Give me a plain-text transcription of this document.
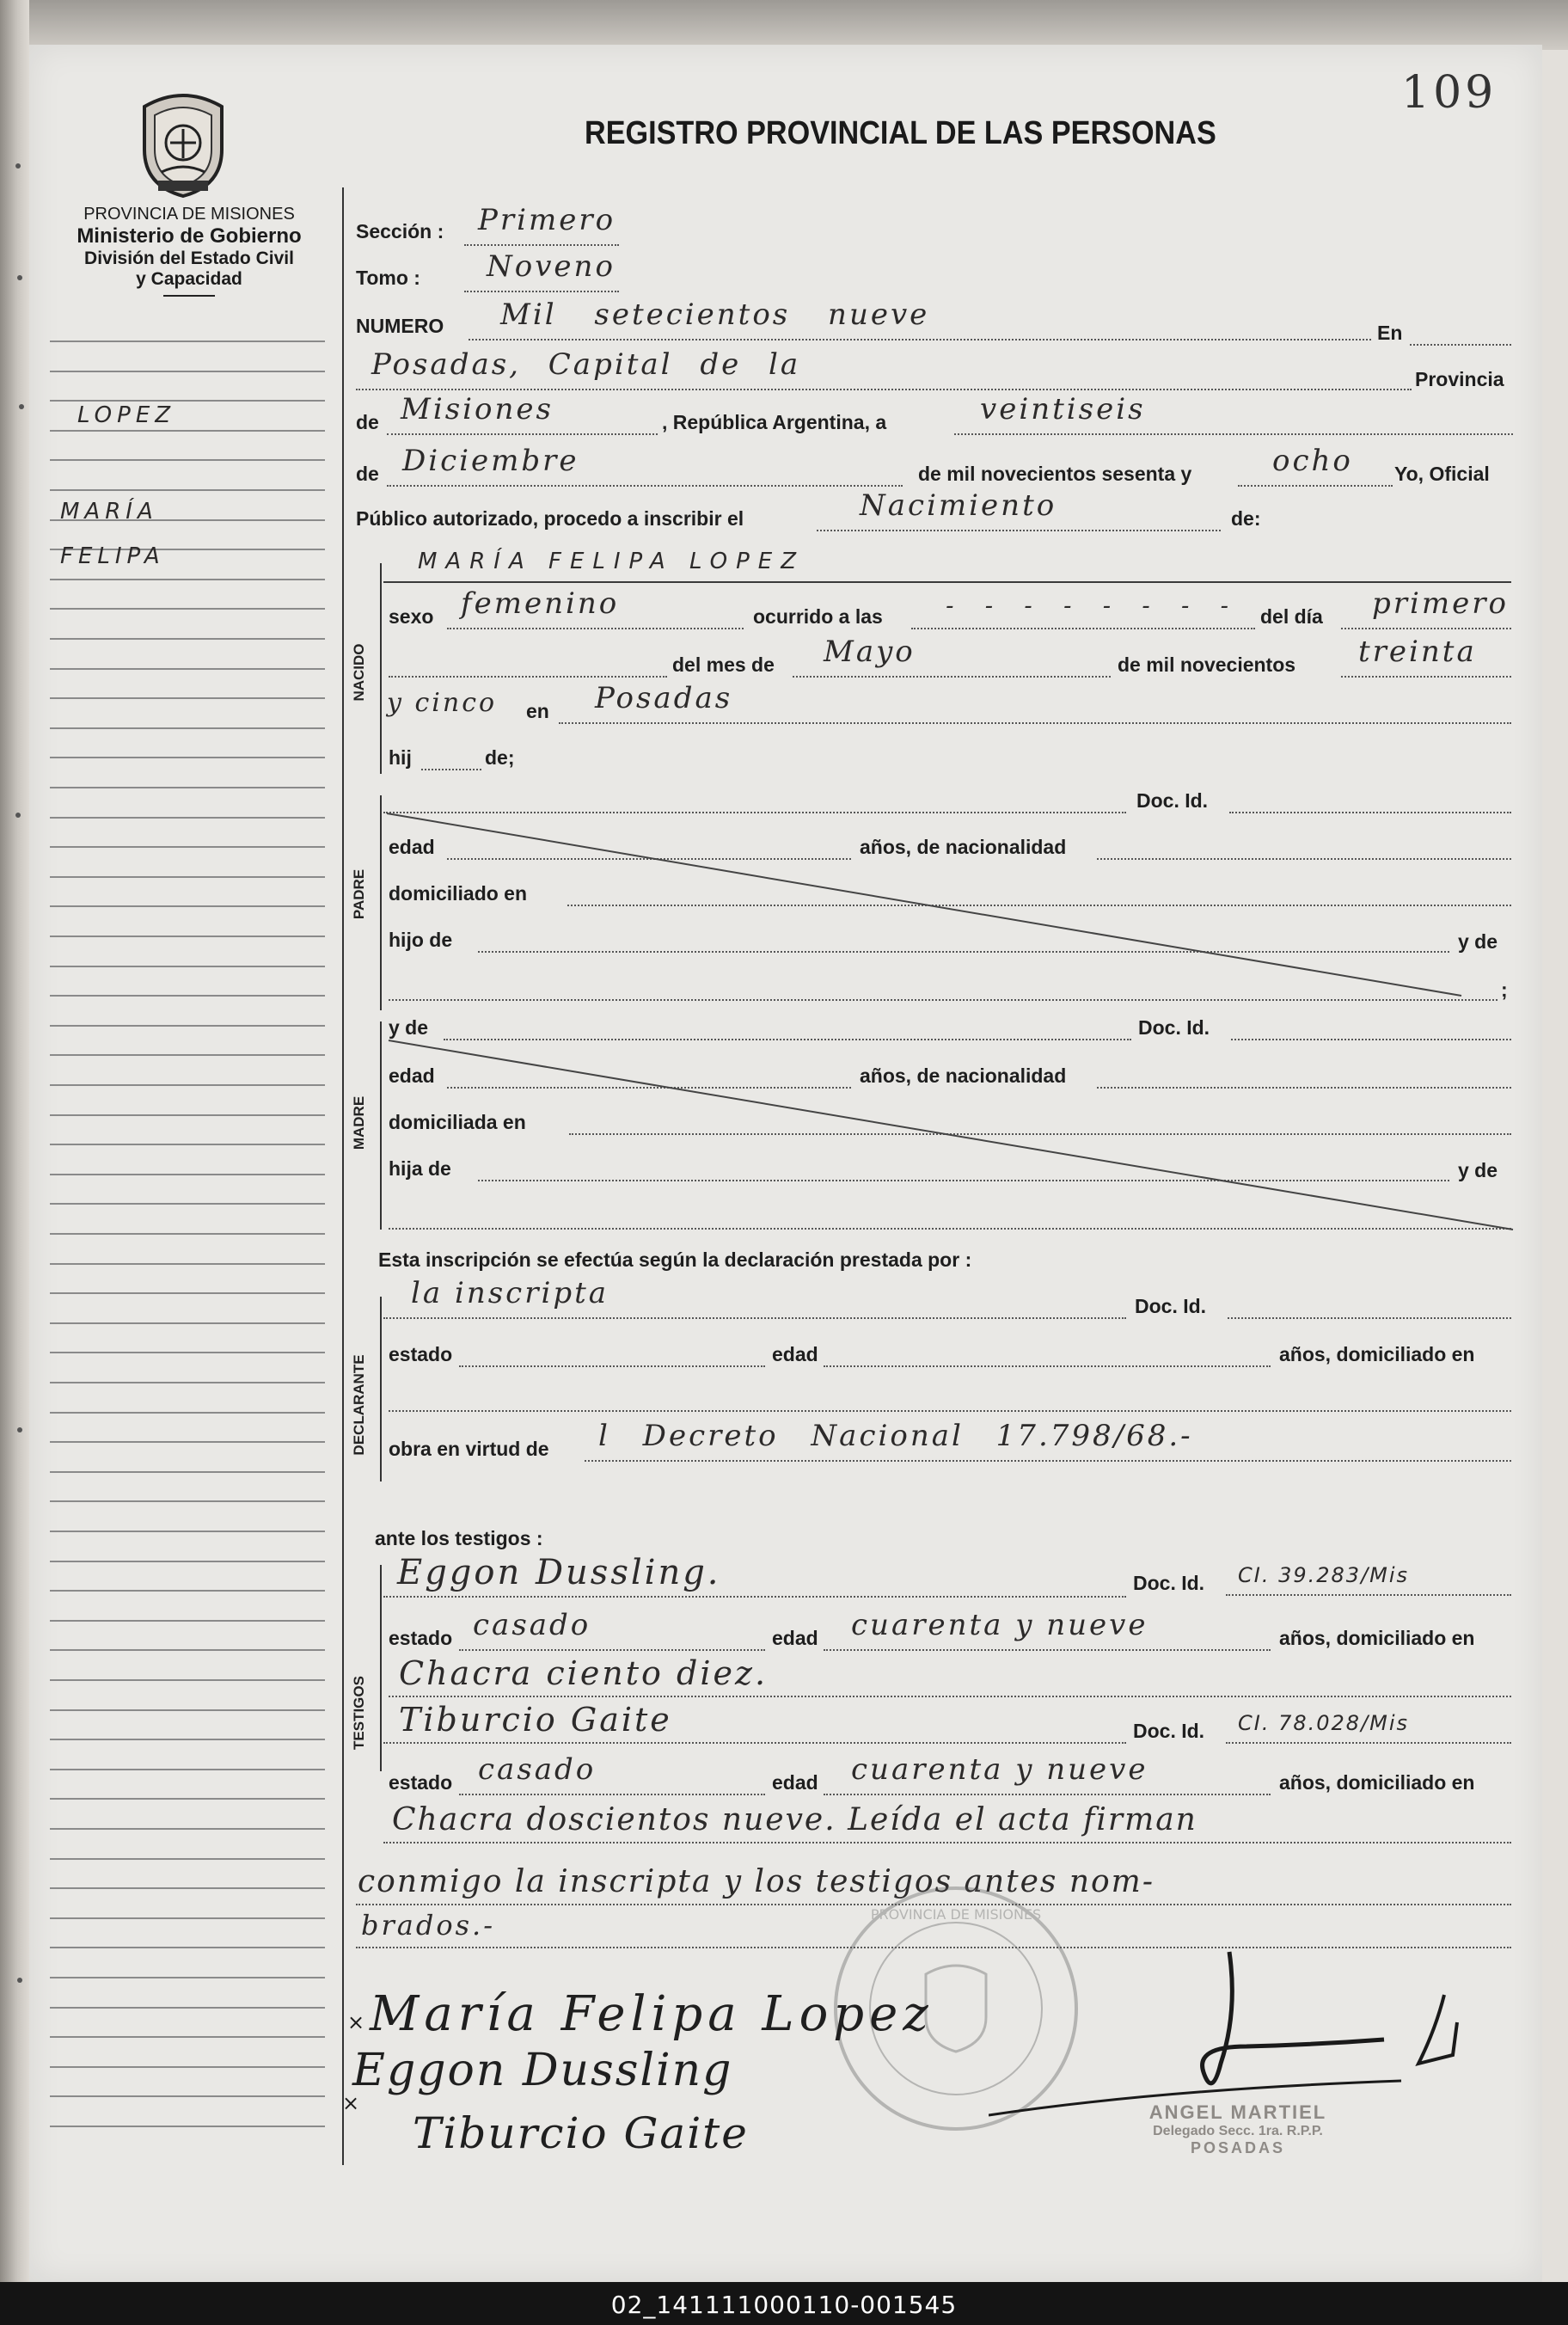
109
REGISTRO PROVINCIAL DE LAS PERSONAS
PROVINCIA DE MISIONES
Ministerio de Gobierno
División del Estado Civil
y Capacidad
LOPEZ
MARÍA
FELIPA
NACIDO
PADRE
MADRE
DECLARANTE
TESTIGOS
Sección : Primero
Tomo : Noveno
NUMERO Mil setecientos nueve
En
Posadas, Capital de la	Provincia
de Misiones	, República Argentina, a	veintiseis
de Diciembre	de mil novecientos sesenta y	ocho Yo, Oficial
Público autorizado, procedo a inscribir el	Nacimiento	de:
MARÍA FELIPA LOPEZ
sexo femenino	ocurrido a las	- - - - - - - - del día primero
del mes de Mayo	de mil novecientos treinta
y cinco en Posadas
hij	de;
Doc. Id.
edad	años, de nacionalidad
domiciliado en
hijo de	y de
;
y de	Doc. Id.
edad	años, de nacionalidad
domiciliada en
hija de	y de
Esta inscripción se efectúa según la declaración prestada por :
la inscripta	Doc. Id.
estado	edad	años, domiciliado en
obra en virtud de l Decreto Nacional 17.798/68.-
ante los testigos :
Eggon Dussling.	Doc. Id. CI. 39.283/Mis
estado casado	edad cuarenta y nueve	años, domiciliado en
Chacra ciento diez.
Tiburcio Gaite	Doc. Id. CI. 78.028/Mis
estado casado	edad cuarenta y nueve	años, domiciliado en
Chacra doscientos nueve. Leída el acta firman
conmigo la inscripta y los testigos antes nom-
brados.-	PROVINCIA DE MISIONES
María Felipa Lopez
Eggon Dussling
Tiburcio Gaite
×
×	ANGEL MARTIEL
Delegado Secc. 1ra. R.P.P.
POSADAS
02_141111000110-001545
